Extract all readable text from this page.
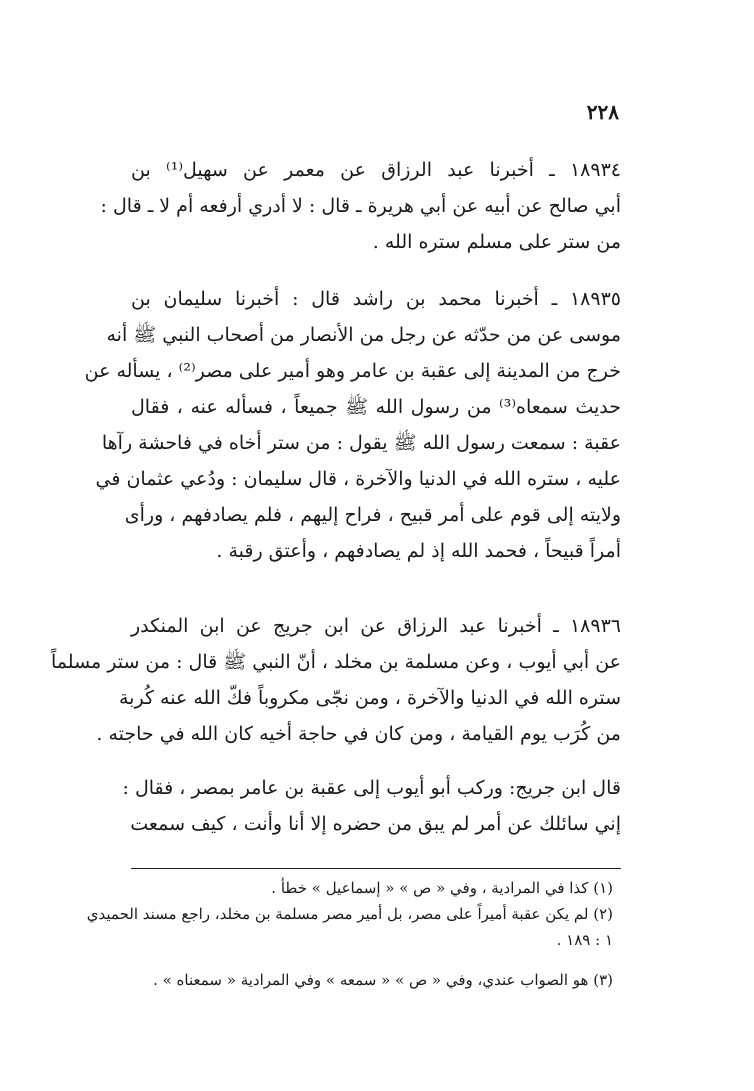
٢٢٨
١٨٩٣٤ ـ أخبرنا عبد الرزاق عن معمر عن سهيل⁽¹⁾ بن
أبي صالح عن أبيه عن أبي هريرة ـ قال : لا أدري أرفعه أم لا ـ قال :
من ستر على مسلم ستره الله .
١٨٩٣٥ ـ أخبرنا محمد بن راشد قال : أخبرنا سليمان بن
موسى عن من حدّثه عن رجل من الأنصار من أصحاب النبي ﷺ أنه
خرج من المدينة إلى عقبة بن عامر وهو أمير على مصر⁽²⁾ ، يسأله عن
حديث سمعاه⁽³⁾ من رسول الله ﷺ جميعاً ، فسأله عنه ، فقال
عقبة : سمعت رسول الله ﷺ يقول : من ستر أخاه في فاحشة رآها
عليه ، ستره الله في الدنيا والآخرة ، قال سليمان : ودُعي عثمان في
ولايته إلى قوم على أمر قبيح ، فراح إليهم ، فلم يصادفهم ، ورأى
أمراً قبيحاً ، فحمد الله إذ لم يصادفهم ، وأعتق رقبة .
١٨٩٣٦ ـ أخبرنا عبد الرزاق عن ابن جريج عن ابن المنكدر
عن أبي أيوب ، وعن مسلمة بن مخلد ، أنّ النبي ﷺ قال : من ستر مسلماً
ستره الله في الدنيا والآخرة ، ومن نجّى مكروباً فكّ الله عنه كُربة
من كُرَب يوم القيامة ، ومن كان في حاجة أخيه كان الله في حاجته .
قال ابن جريج: وركب أبو أيوب إلى عقبة بن عامر بمصر ، فقال :
إني سائلك عن أمر لم يبق من حضره إلا أنا وأنت ، كيف سمعت
(١) كذا في المرادية ، وفي « ص » « إسماعيل » خطأ .
(٢) لم يكن عقبة أميراً على مصر، بل أمير مصر مسلمة بن مخلد، راجع مسند الحميدي
١ : ١٨٩ .
(٣) هو الصواب عندي، وفي « ص » « سمعه » وفي المرادية « سمعناه » .
